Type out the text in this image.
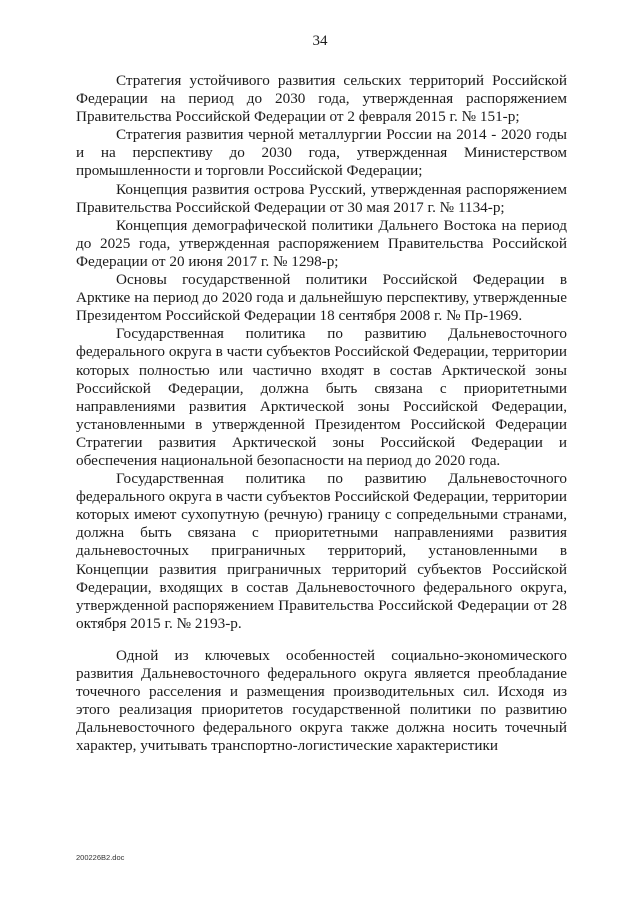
34

Стратегия устойчивого развития сельских территорий Российской Федерации на период до 2030 года, утвержденная распоряжением Правительства Российской Федерации от 2 февраля 2015 г. № 151-р;

Стратегия развития черной металлургии России на 2014 - 2020 годы и на перспективу до 2030 года, утвержденная Министерством промышленности и торговли Российской Федерации;

Концепция развития острова Русский, утвержденная распоряжением Правительства Российской Федерации от 30 мая 2017 г. № 1134-р;

Концепция демографической политики Дальнего Востока на период до 2025 года, утвержденная распоряжением Правительства Российской Федерации от 20 июня 2017 г. № 1298-р;

Основы государственной политики Российской Федерации в Арктике на период до 2020 года и дальнейшую перспективу, утвержденные Президентом Российской Федерации 18 сентября 2008 г. № Пр-1969.

Государственная политика по развитию Дальневосточного федерального округа в части субъектов Российской Федерации, территории которых полностью или частично входят в состав Арктической зоны Российской Федерации, должна быть связана с приоритетными направлениями развития Арктической зоны Российской Федерации, установленными в утвержденной Президентом Российской Федерации Стратегии развития Арктической зоны Российской Федерации и обеспечения национальной безопасности на период до 2020 года.

Государственная политика по развитию Дальневосточного федерального округа в части субъектов Российской Федерации, территории которых имеют сухопутную (речную) границу с сопредельными странами, должна быть связана с приоритетными направлениями развития дальневосточных приграничных территорий, установленными в Концепции развития приграничных территорий субъектов Российской Федерации, входящих в состав Дальневосточного федерального округа, утвержденной распоряжением Правительства Российской Федерации от 28 октября 2015 г. № 2193-р.

Одной из ключевых особенностей социально-экономического развития Дальневосточного федерального округа является преобладание точечного расселения и размещения производительных сил. Исходя из этого реализация приоритетов государственной политики по развитию Дальневосточного федерального округа также должна носить точечный характер, учитывать транспортно-логистические характеристики

200226B2.doc
